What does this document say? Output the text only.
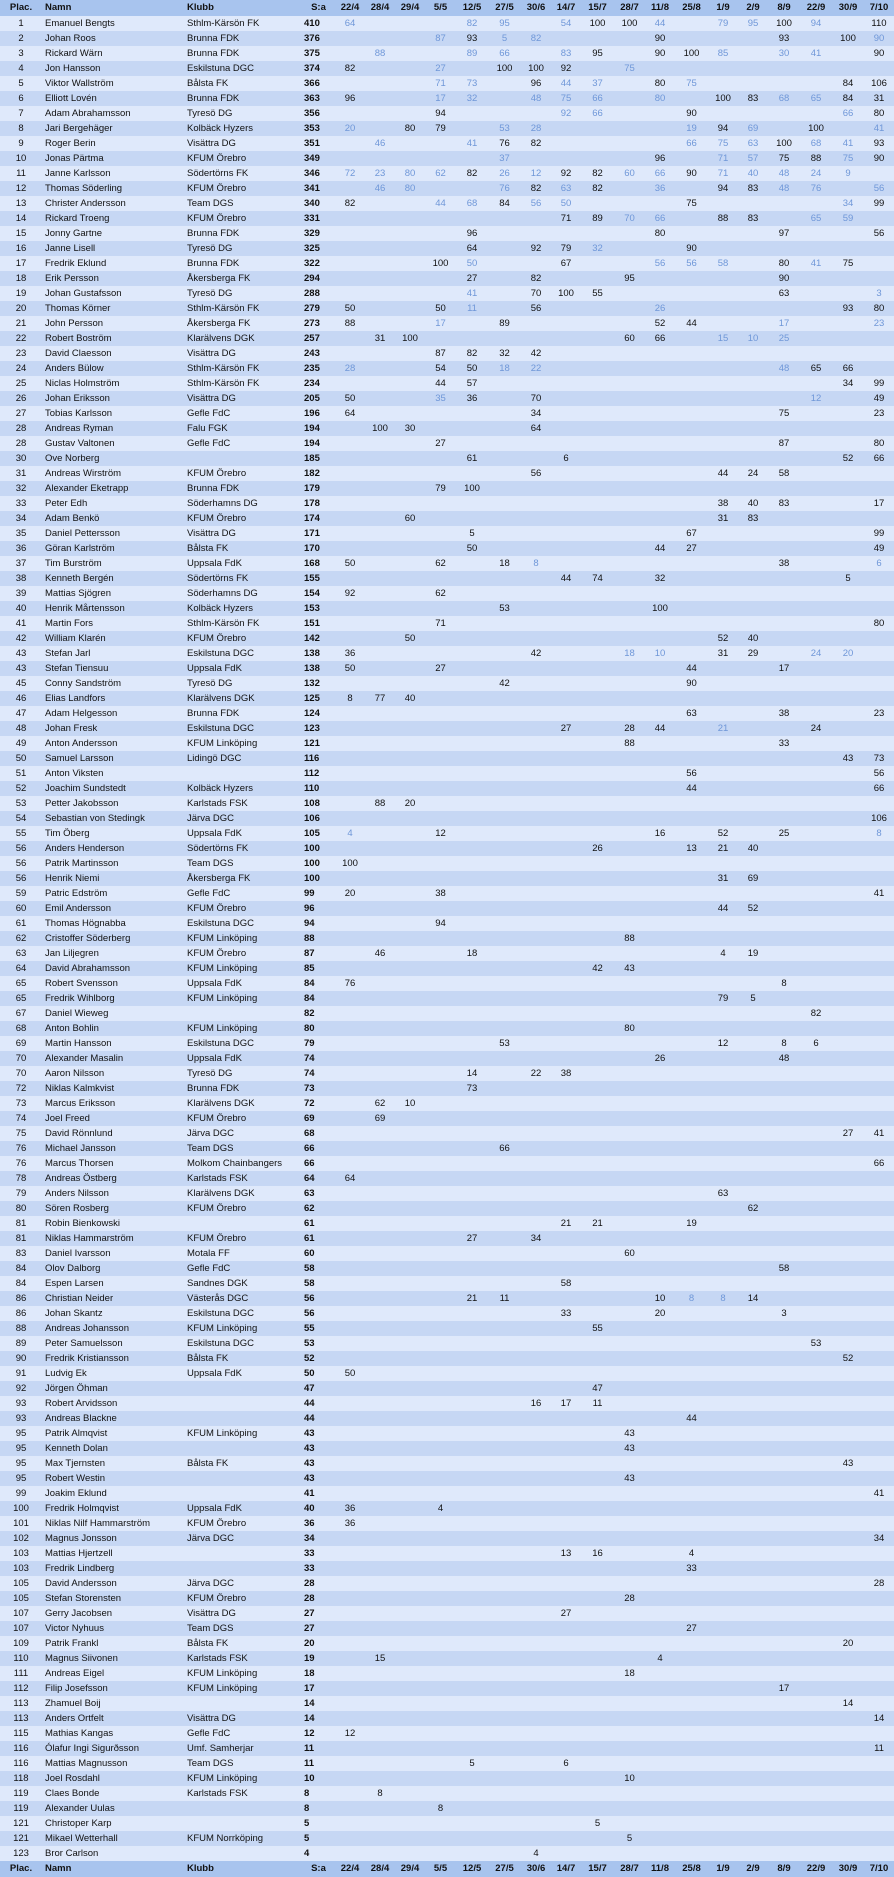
Plac.	Namn	Klubb	S:a	22/4	28/4	29/4	5/5	12/5	27/5	30/6	14/7	15/7	28/7	11/8	25/8	1/9	2/9	8/9	22/9	30/9	7/10
1	Emanuel Bengts	Sthlm-Kärsön FK	410	64				82	95		54	100	100	44		79	95	100	94		110
2	Johan Roos	Brunna FDK	376				87	93	5	82				90				93		100	90
3	Rickard Wärn	Brunna FDK	375		88			89	66		83	95		90	100	85		30	41		90
4	Jon Hansson	Eskilstuna DGC	374	82			27		100	100	92		75								
5	Viktor Wallström	Bålsta FK	366				71	73		96	44	37		80	75					84	106
6	Elliott Lovén	Brunna FDK	363	96			17	32		48	75	66		80		100	83	68	65	84	31
7	Adam Abrahamsson	Tyresö DG	356				94				92	66			90					66	80
8	Jari Bergehäger	Kolbäck Hyzers	353	20		80	79		53	28					19	94	69		100		41
9	Roger Berin	Visättra DG	351		46			41	76	82					66	75	63	100	68	41	93
10	Jonas Pärtma	KFUM Örebro	349						37					96		71	57	75	88	75	90
11	Janne Karlsson	Södertörns FK	346	72	23	80	62	82	26	12	92	82	60	66	90	71	40	48	24	9	
12	Thomas Söderling	KFUM Örebro	341		46	80			76	82	63	82		36		94	83	48	76		56
13	Christer Andersson	Team DGS	340	82			44	68	84	56	50				75					34	99
14	Rickard Troeng	KFUM Örebro	331								71	89	70	66		88	83		65	59	
15	Jonny Gartne	Brunna FDK	329					96						80				97			56
16	Janne Lisell	Tyresö DG	325					64		92	79	32			90						
17	Fredrik Eklund	Brunna FDK	322				100	50			67			56	56	58		80	41	75	
18	Erik Persson	Åkersberga FK	294					27		82			95					90			
19	Johan Gustafsson	Tyresö DG	288					41		70	100	55						63			3
20	Thomas Körner	Sthlm-Kärsön FK	279	50			50	11		56				26						93	80
21	John Persson	Åkersberga FK	273	88			17		89					52	44			17			23
22	Robert Boström	Klarälvens DGK	257		31	100							60	66		15	10	25			
23	David Claesson	Visättra DG	243				87	82	32	42											
24	Anders Bülow	Sthlm-Kärsön FK	235	28			54	50	18	22								48	65	66	
25	Niclas Holmström	Sthlm-Kärsön FK	234				44	57												34	99
26	Johan Eriksson	Visättra DG	205	50			35	36		70									12		49
27	Tobias Karlsson	Gefle FdC	196	64						34								75			23
28	Andreas Ryman	Falu FGK	194		100	30				64											
28	Gustav Valtonen	Gefle FdC	194				27											87			80
30	Ove Norberg		185					61			6									52	66
31	Andreas Wirström	KFUM Örebro	182							56						44	24	58			
32	Alexander Eketrapp	Brunna FDK	179				79	100													
33	Peter Edh	Söderhamns DG	178													38	40	83			17
34	Adam Benkö	KFUM Örebro	174			60										31	83				
35	Daniel Pettersson	Visättra DG	171					5							67						99
36	Göran Karlström	Bålsta FK	170					50						44	27						49
37	Tim Burström	Uppsala FdK	168	50			62		18	8								38			6
38	Kenneth Bergén	Södertörns FK	155								44	74		32						5	
39	Mattias Sjögren	Söderhamns DG	154	92			62														
40	Henrik Mårtensson	Kolbäck Hyzers	153						53					100							
41	Martin Fors	Sthlm-Kärsön FK	151				71														80
42	William Klarén	KFUM Örebro	142			50										52	40				
43	Stefan Jarl	Eskilstuna DGC	138	36						42			18	10		31	29		24	20	
43	Stefan Tiensuu	Uppsala FdK	138	50			27								44			17			
45	Conny Sandström	Tyresö DG	132						42						90						
46	Elias Landfors	Klarälvens DGK	125	8	77	40															
47	Adam Helgesson	Brunna FDK	124												63			38			23
48	Johan Fresk	Eskilstuna DGC	123								27		28	44		21			24		
49	Anton Andersson	KFUM Linköping	121										88					33			
50	Samuel Larsson	Lidingö DGC	116																	43	73
51	Anton Viksten		112												56						56
52	Joachim Sundstedt	Kolbäck Hyzers	110												44						66
53	Petter Jakobsson	Karlstads FSK	108		88	20															
54	Sebastian von Stedingk	Järva DGC	106																		106
55	Tim Öberg	Uppsala FdK	105	4			12							16		52		25			8
56	Anders Henderson	Södertörns FK	100									26			13	21	40				
56	Patrik Martinsson	Team DGS	100	100																	
56	Henrik Niemi	Åkersberga FK	100													31	69				
59	Patric Edström	Gefle FdC	99	20			38														41
60	Emil Andersson	KFUM Örebro	96													44	52				
61	Thomas Högnabba	Eskilstuna DGC	94				94														
62	Cristoffer Söderberg	KFUM Linköping	88										88								
63	Jan Liljegren	KFUM Örebro	87		46			18								4	19				
64	David Abrahamsson	KFUM Linköping	85									42	43								
65	Robert Svensson	Uppsala FdK	84	76														8			
65	Fredrik Wihlborg	KFUM Linköping	84													79	5				
67	Daniel Wieweg		82																82		
68	Anton Bohlin	KFUM Linköping	80										80								
69	Martin Hansson	Eskilstuna DGC	79						53							12		8	6		
70	Alexander Masalin	Uppsala FdK	74											26				48			
70	Aaron Nilsson	Tyresö DG	74					14		22	38										
72	Niklas Kalmkvist	Brunna FDK	73					73													
73	Marcus Eriksson	Klarälvens DGK	72		62	10															
74	Joel Freed	KFUM Örebro	69		69																
75	David Rönnlund	Järva DGC	68																	27	41
76	Michael Jansson	Team DGS	66						66												
76	Marcus Thorsen	Molkom Chainbangers	66																		66
78	Andreas Östberg	Karlstads FSK	64	64																	
79	Anders Nilsson	Klarälvens DGK	63													63					
80	Sören Rosberg	KFUM Örebro	62														62				
81	Robin Bienkowski		61								21	21			19						
81	Niklas Hammarström	KFUM Örebro	61					27		34											
83	Daniel Ivarsson	Motala FF	60										60								
84	Olov Dalborg	Gefle FdC	58															58			
84	Espen Larsen	Sandnes DGK	58								58										
86	Christian Neider	Västerås DGC	56					21	11					10	8	8	14				
86	Johan Skantz	Eskilstuna DGC	56								33			20				3			
88	Andreas Johansson	KFUM Linköping	55									55									
89	Peter Samuelsson	Eskilstuna DGC	53																53		
90	Fredrik Kristiansson	Bålsta FK	52																	52	
91	Ludvig Ek	Uppsala FdK	50	50																	
92	Jörgen Öhman		47									47									
93	Robert Arvidsson		44							16	17	11									
93	Andreas Blackne		44												44						
95	Patrik Almqvist	KFUM Linköping	43										43								
95	Kenneth Dolan		43										43								
95	Max Tjernsten	Bålsta FK	43																	43	
95	Robert Westin		43										43								
99	Joakim Eklund		41																		41
100	Fredrik Holmqvist	Uppsala FdK	40	36			4														
101	Niklas Nilf Hammarström	KFUM Örebro	36	36																	
102	Magnus Jonsson	Järva DGC	34																		34
103	Mattias Hjertzell		33								13	16			4						
103	Fredrik Lindberg		33												33						
105	David Andersson	Järva DGC	28																		28
105	Stefan Storensten	KFUM Örebro	28										28								
107	Gerry Jacobsen	Visättra DG	27								27										
107	Victor Nyhuus	Team DGS	27												27						
109	Patrik Frankl	Bålsta FK	20																	20	
110	Magnus Siivonen	Karlstads FSK	19		15									4							
111	Andreas Eigel	KFUM Linköping	18										18								
112	Filip Josefsson	KFUM Linköping	17															17			
113	Zhamuel Boij		14																	14	
113	Anders Ortfelt	Visättra DG	14																		14
115	Mathias Kangas	Gefle FdC	12	12																	
116	Ólafur Ingi Sigurðsson	Umf. Samherjar	11																		11
116	Mattias Magnusson	Team DGS	11					5			6										
118	Joel Rosdahl	KFUM Linköping	10										10								
119	Claes Bonde	Karlstads FSK	8		8																
119	Alexander Uulas		8				8														
121	Christoper Karp		5									5									
121	Mikael Wetterhall	KFUM Norrköping	5										5								
123	Bror Carlson		4							4											
Plac.	Namn	Klubb	S:a	22/4	28/4	29/4	5/5	12/5	27/5	30/6	14/7	15/7	28/7	11/8	25/8	1/9	2/9	8/9	22/9	30/9	7/10
